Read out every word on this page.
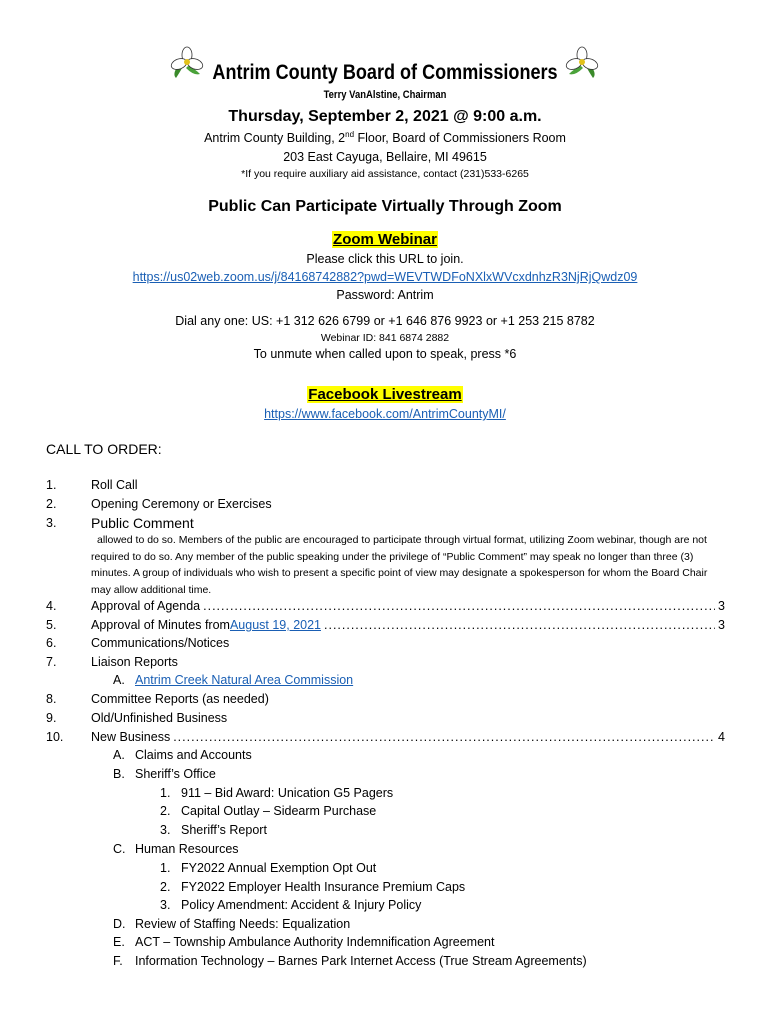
Antrim County Board of Commissioners
Terry VanAlstine, Chairman
Thursday, September 2, 2021 @ 9:00 a.m.
Antrim County Building, 2nd Floor, Board of Commissioners Room
203 East Cayuga, Bellaire, MI 49615
*If you require auxiliary aid assistance, contact (231)533-6265
Public Can Participate Virtually Through Zoom
Zoom Webinar
Please click this URL to join.
https://us02web.zoom.us/j/84168742882?pwd=WEVTWDFoNXlxWVcxdnhzR3NjRjQwdz09
Password: Antrim
Dial any one: US: +1 312 626 6799 or +1 646 876 9923 or +1 253 215 8782
Webinar ID: 841 6874 2882
To unmute when called upon to speak, press *6
Facebook Livestream
https://www.facebook.com/AntrimCountyMI/
CALL TO ORDER:
1.	Roll Call
2.	Opening Ceremony or Exercises
3. Public Comment
allowed to do so. Members of the public are encouraged to participate through virtual format, utilizing Zoom webinar, though are not required to do so. Any member of the public speaking under the privilege of “Public Comment” may speak no longer than three (3) minutes. A group of individuals who wish to present a specific point of view may designate a spokesperson for whom the Board Chair may allow additional time.
4.	Approval of Agenda .....	3
5.	Approval of Minutes from August 19, 2021 .....	3
6.	Communications/Notices
7.	Liaison Reports
A. Antrim Creek Natural Area Commission
8.	Committee Reports (as needed)
9.	Old/Unfinished Business
10. New Business .....	4
A. Claims and Accounts
B. Sheriff’s Office
1. 911 – Bid Award: Unication G5 Pagers
2. Capital Outlay – Sidearm Purchase
3. Sheriff’s Report
C. Human Resources
1. FY2022 Annual Exemption Opt Out
2. FY2022 Employer Health Insurance Premium Caps
3. Policy Amendment: Accident & Injury Policy
D. Review of Staffing Needs: Equalization
E. ACT – Township Ambulance Authority Indemnification Agreement
F. Information Technology – Barnes Park Internet Access (True Stream Agreements)
